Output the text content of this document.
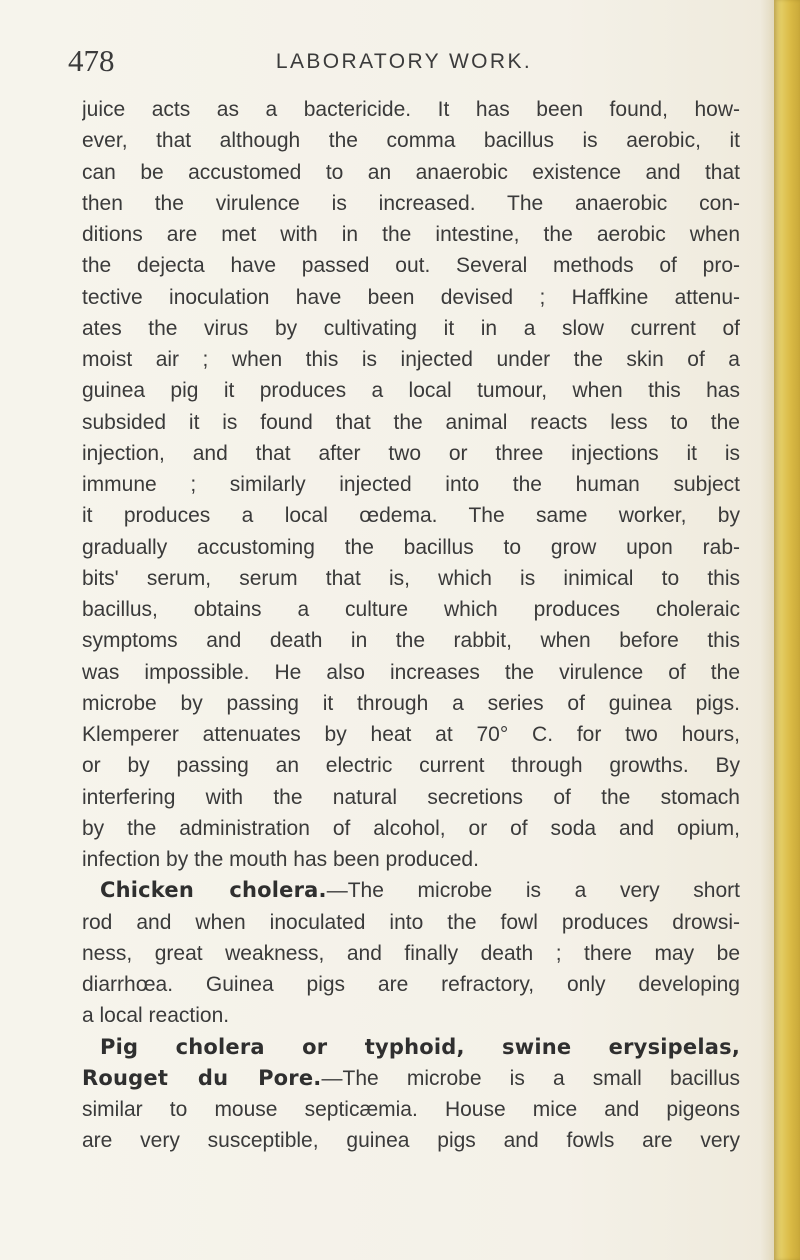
478	LABORATORY WORK.
juice acts as a bactericide. It has been found, how-
ever, that although the comma bacillus is aerobic, it
can be accustomed to an anaerobic existence and that
then the virulence is increased. The anaerobic con-
ditions are met with in the intestine, the aerobic when
the dejecta have passed out. Several methods of pro-
tective inoculation have been devised ; Haffkine attenu-
ates the virus by cultivating it in a slow current of
moist air ; when this is injected under the skin of a
guinea pig it produces a local tumour, when this has
subsided it is found that the animal reacts less to the
injection, and that after two or three injections it is
immune ; similarly injected into the human subject
it produces a local œdema. The same worker, by
gradually accustoming the bacillus to grow upon rab-
bits' serum, serum that is, which is inimical to this
bacillus, obtains a culture which produces choleraic
symptoms and death in the rabbit, when before this
was impossible. He also increases the virulence of the
microbe by passing it through a series of guinea pigs.
Klemperer attenuates by heat at 70° C. for two hours,
or by passing an electric current through growths. By
interfering with the natural secretions of the stomach
by the administration of alcohol, or of soda and opium,
infection by the mouth has been produced.
Chicken cholera.—The microbe is a very short
rod and when inoculated into the fowl produces drowsi-
ness, great weakness, and finally death ; there may be
diarrhœa. Guinea pigs are refractory, only developing
a local reaction.
Pig cholera or typhoid, swine erysipelas,
Rouget du Pore.—The microbe is a small bacillus
similar to mouse septicæmia. House mice and pigeons
are very susceptible, guinea pigs and fowls are very
